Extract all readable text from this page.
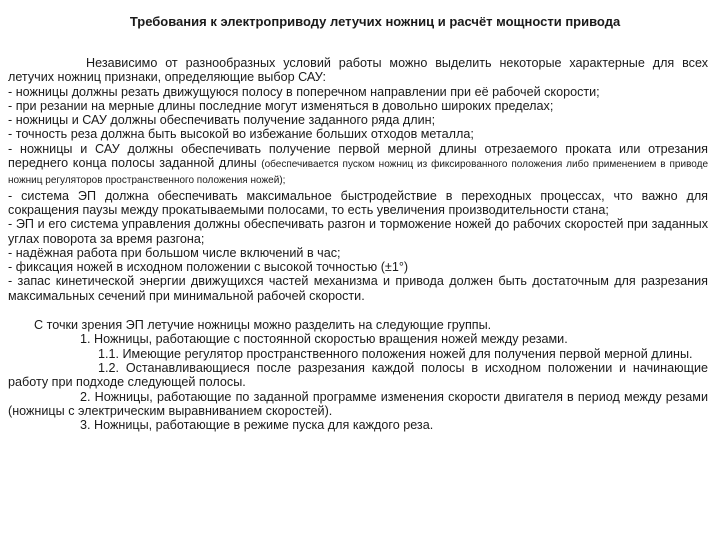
Требования к электроприводу летучих ножниц и расчёт мощности привода

Независимо от разнообразных условий работы можно выделить некоторые характерные для всех летучих ножниц признаки, определяющие выбор САУ:

- ножницы должны резать движущуюся полосу в поперечном направлении при её рабочей скорости;

- при резании на мерные длины последние могут изменяться в довольно широких пределах;

- ножницы и САУ должны обеспечивать получение заданного ряда длин;

- точность реза должна быть высокой во избежание больших отходов металла;

- ножницы и САУ должны обеспечивать получение первой мерной длины отрезаемого проката или отрезания переднего конца полосы заданной длины (обеспечивается пуском ножниц из фиксированного положения либо применением в приводе ножниц регуляторов пространственного положения ножей);

- система ЭП должна обеспечивать максимальное быстродействие в переходных процессах, что важно для сокращения паузы между прокатываемыми полосами, то есть увеличения производительности стана;

- ЭП и его система управления должны обеспечивать разгон и торможение ножей до рабочих скоростей при заданных углах поворота за время разгона;

- надёжная работа при большом числе включений в час;

- фиксация ножей в исходном положении с высокой точностью (±1°)

- запас кинетической энергии движущихся частей механизма и привода должен быть достаточным для разрезания максимальных сечений при минимальной рабочей скорости.

С точки зрения ЭП летучие ножницы можно разделить на следующие группы.

1. Ножницы, работающие с постоянной скоростью вращения ножей между резами.

1.1. Имеющие регулятор пространственного положения ножей для получения первой мерной длины.

1.2. Останавливающиеся после разрезания каждой полосы в исходном положении и начинающие работу при подходе следующей полосы.

2. Ножницы, работающие по заданной программе изменения скорости двигателя в период между резами (ножницы с электрическим выравниванием скоростей).

3. Ножницы, работающие в режиме пуска для каждого реза.
